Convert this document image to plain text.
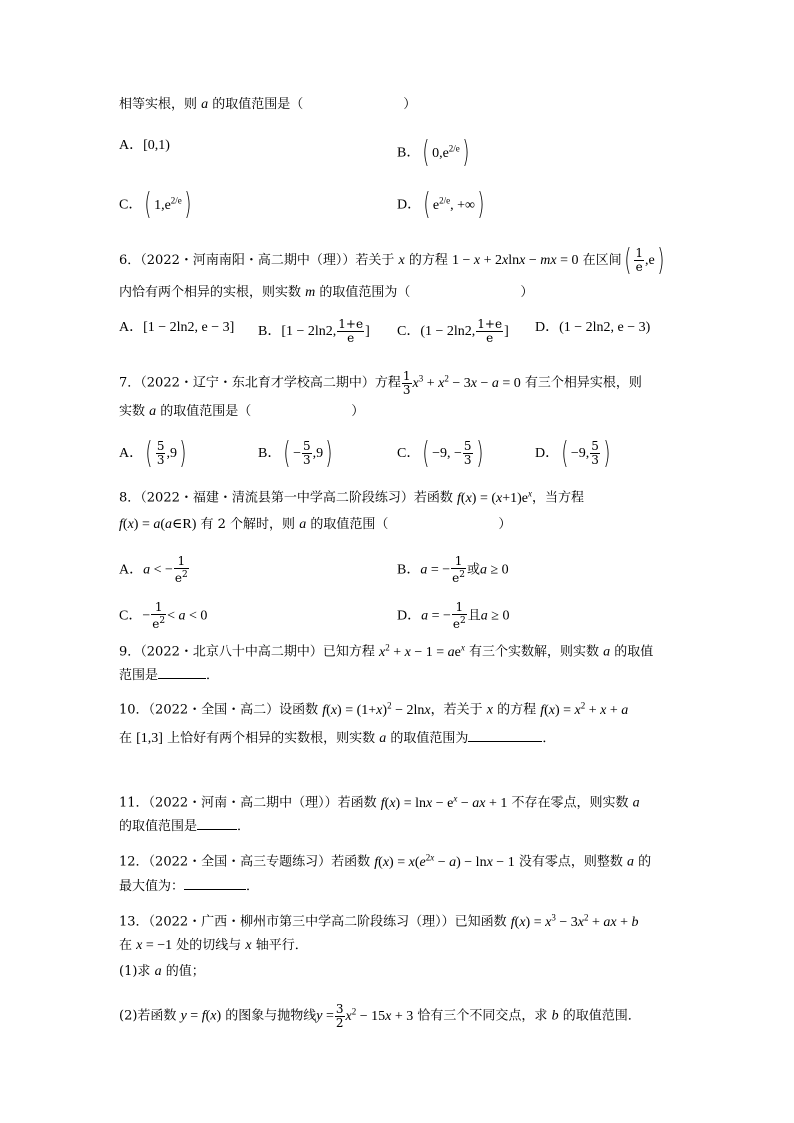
相等实根，则 a 的取值范围是（	）
A．[0,1)
B．( $0,e^{2/e}$)
C．( $1,e^{2/e}$)	D．( $e^{2/e}$, +∞)
6．（2022・河南南阳・高二期中（理））若关于 x 的方程 1 − x + 2xlnx − mx = 0 在区间( $\frac{1}{e} ,e$)
内恰有两个相异的实根，则实数 m 的取值范围为（	）
A．[1 − 2ln2, e − 3] B．[1 − 2ln2, $\frac{1+e}{e}$ ] C．(1 − 2ln2, $\frac{1+e}{e}$ ] D．(1 − 2ln2, e − 3)
7．（2022・辽宁・东北育才学校高二期中）方程 $\frac{1}{3} x^3 + x^2 - 3x - a = 0$ 有三个相异实根，则
实数 a 的取值范围是（	）
A．( $\frac{5}{3} ,9$)	B．( − $\frac{5}{3} ,9$)	C．( −9, − $\frac{5}{3}$ )	D．( −9, $\frac{5}{3}$ )
8．（2022・福建・清流县第一中学高二阶段练习）若函数 $f(x) = (x+1)e^x$，当方程
f(x) = a(a∈R) 有 2 个解时，则 a 的取值范围（	）
A．a < − $\frac{1}{e^2}$	B．a = − $\frac{1}{e^2}$ 或a ≥ 0
C．− $\frac{1}{e^2} < a < 0$	D．a = − $\frac{1}{e^2}$ 且a ≥ 0
9．（2022・北京八十中高二期中）已知方程 $x^2 + x - 1 = ae^x$ 有三个实数解，则实数 a 的取值
范围是	．
10．（2022・全国・高二）设函数 $f(x) = (1+x)^2 - 2\ln x$，若关于 x 的方程 $f(x) = x^2 + x + a$
在 [1,3] 上恰好有两个相异的实数根，则实数 a 的取值范围为	．
11．（2022・河南・高二期中（理））若函数 $f(x) = \ln x - e^x$ − ax + 1 不存在零点，则实数 a
的取值范围是	．
12．（2022・全国・高三专题练习）若函数 $f(x) = x(e^{2x} - a) - \ln x - 1$ 没有零点，则整数 a 的
最大值为：	．
13．（2022・广西・柳州市第三中学高二阶段练习（理））已知函数 $f(x) = x^3 - 3x^2$ + ax + b
在 x = −1 处的切线与 x 轴平行．
(1)求 a 的值；
(2)若函数 y = f(x) 的图象与抛物线$y = \frac{3}{2} x^2 - 15x + 3$ 恰有三个不同交点，求 b 的取值范围．
